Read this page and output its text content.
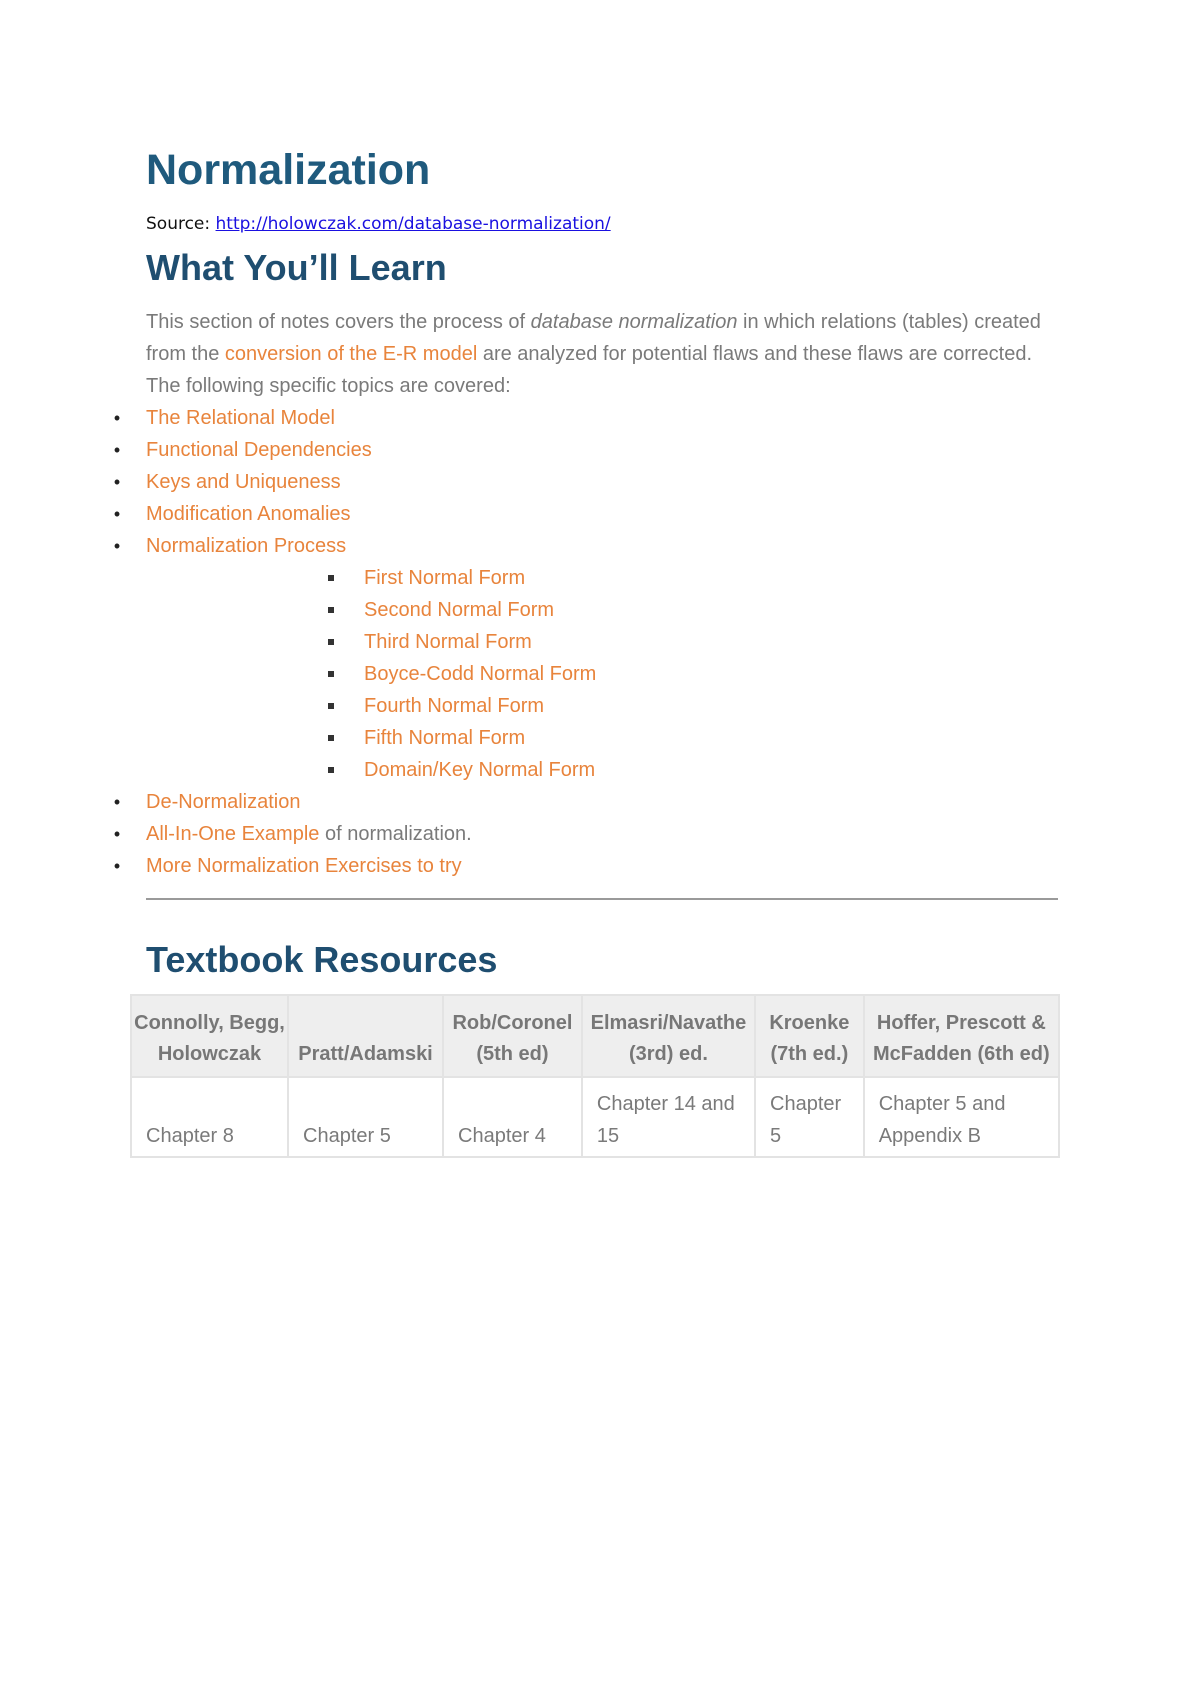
Normalization
Source: http://holowczak.com/database-normalization/
What You’ll Learn
This section of notes covers the process of database normalization in which relations (tables) created from the conversion of the E-R model are analyzed for potential flaws and these flaws are corrected. The following specific topics are covered:
• The Relational Model
• Functional Dependencies
• Keys and Uniqueness
• Modification Anomalies
• Normalization Process
First Normal Form
Second Normal Form
Third Normal Form
Boyce-Codd Normal Form
Fourth Normal Form
Fifth Normal Form
Domain/Key Normal Form
• De-Normalization
• All-In-One Example of normalization.
• More Normalization Exercises to try
Textbook Resources
Connolly, Begg, Holowczak	Pratt/Adamski	Rob/Coronel (5th ed)	Elmasri/Navathe (3rd) ed.	Kroenke (7th ed.)	Hoffer, Prescott & McFadden (6th ed)
Chapter 8	Chapter 5	Chapter 4	Chapter 14 and 15	Chapter 5	Chapter 5 and Appendix B
